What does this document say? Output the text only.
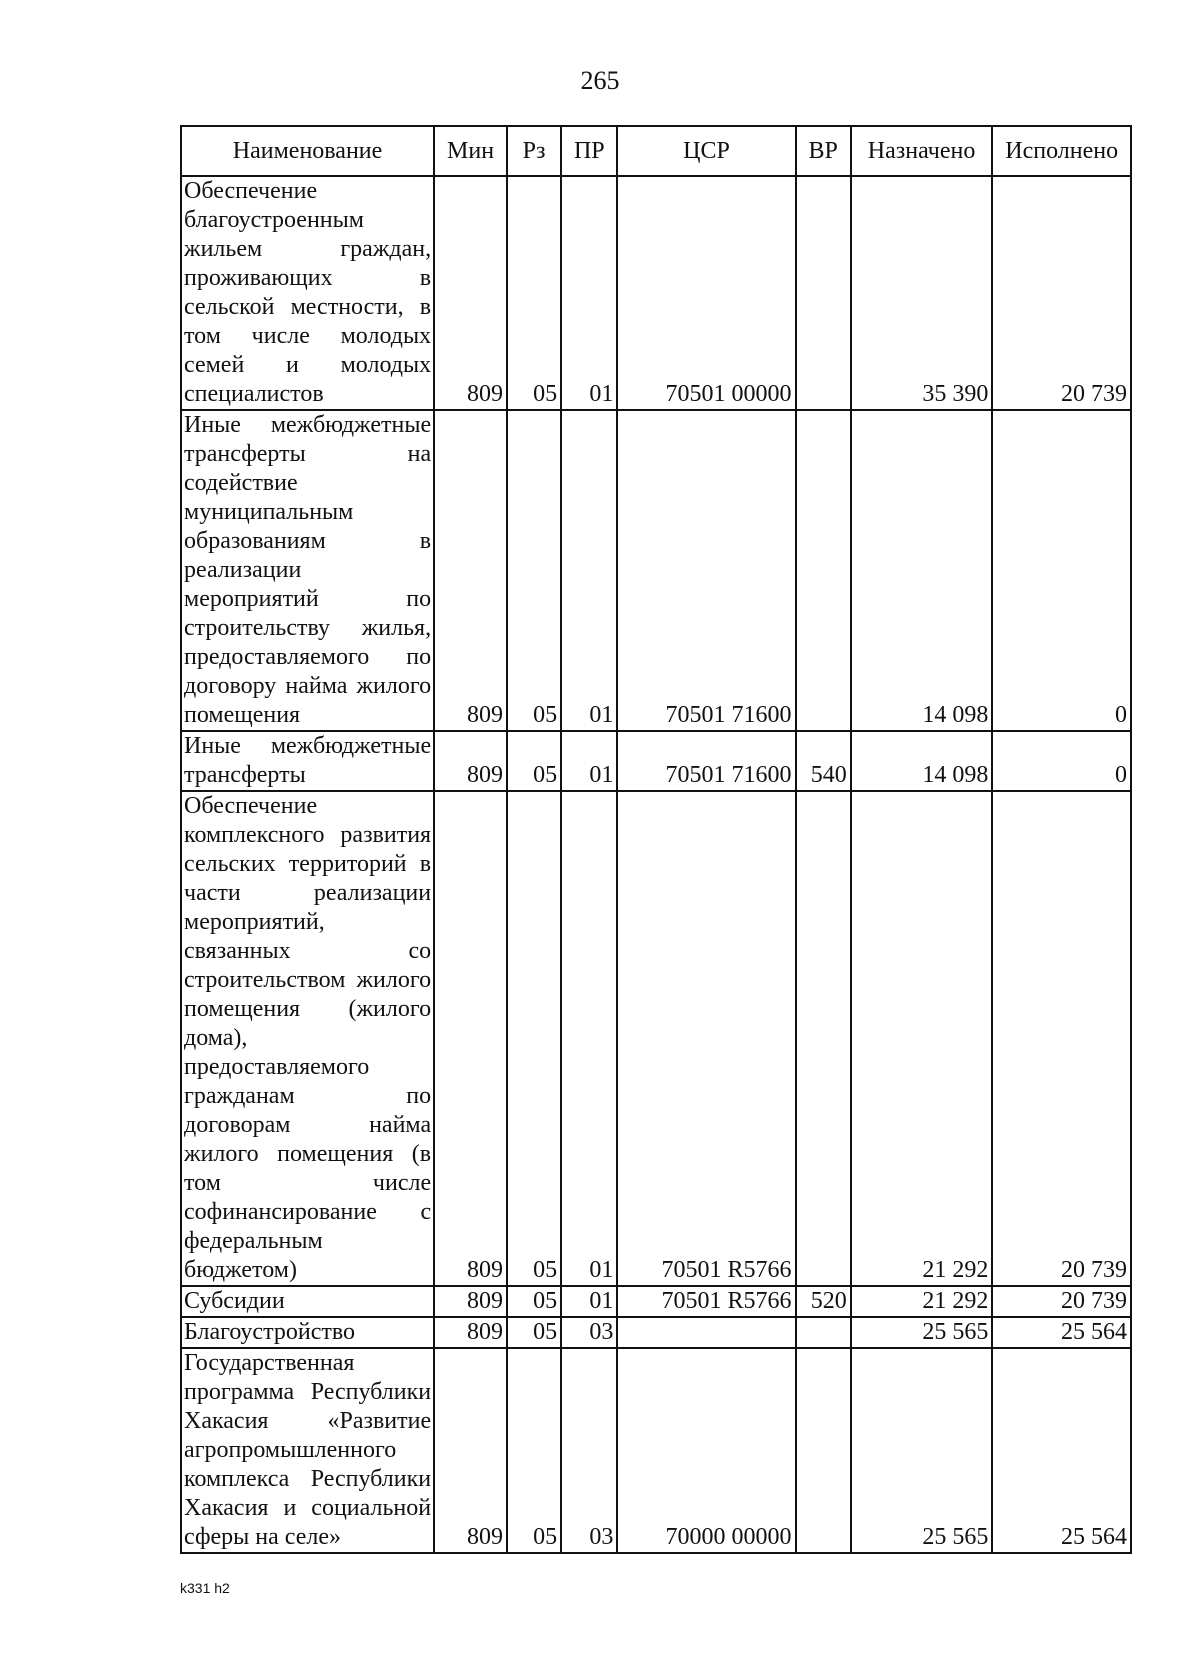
265
Наименование	Мин	Рз	ПР	ЦСР	ВР	Назначено	Исполнено
Обеспечение благоустроенным жильем граждан, проживающих в сельской местности, в том числе молодых семей и молодых специалистов	809	05	01	70501 00000		35 390	20 739
Иные межбюджетные трансферты на содействие муниципальным образованиям в реализации мероприятий по строительству жилья, предоставляемого по договору найма жилого помещения	809	05	01	70501 71600		14 098	0
Иные межбюджетные трансферты	809	05	01	70501 71600	540	14 098	0
Обеспечение комплексного развития сельских территорий в части реализации мероприятий, связанных со строительством жилого помещения (жилого дома), предоставляемого гражданам по договорам найма жилого помещения (в том числе софинансирование с федеральным бюджетом)	809	05	01	70501 R5766		21 292	20 739
Субсидии	809	05	01	70501 R5766	520	21 292	20 739
Благоустройство	809	05	03			25 565	25 564
Государственная программа Республики Хакасия «Развитие агропромышленного комплекса Республики Хакасия и социальной сферы на селе»	809	05	03	70000 00000		25 565	25 564
k331 h2
